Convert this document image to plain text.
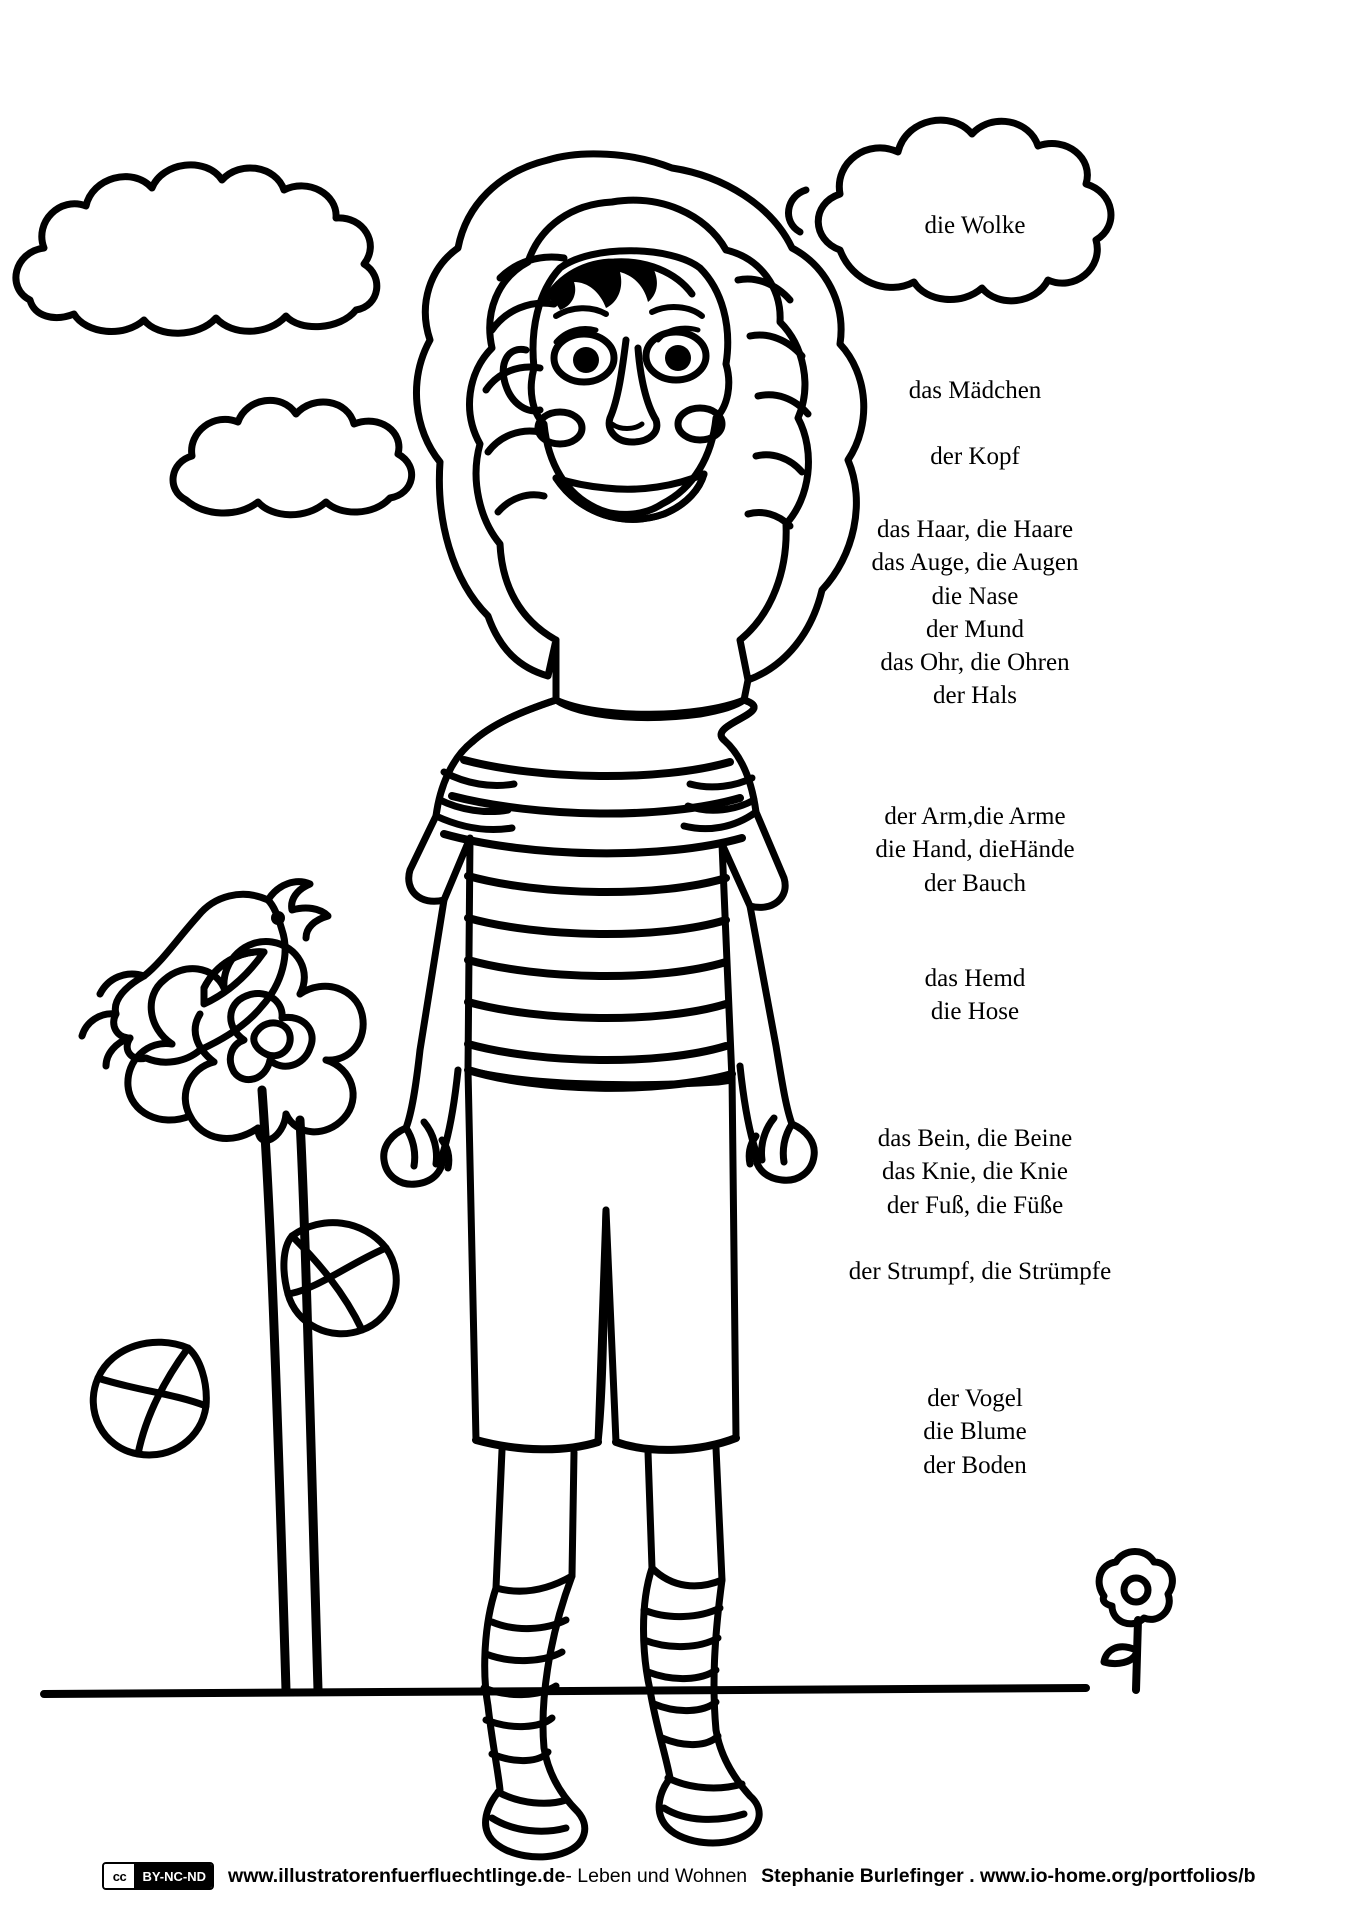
die Wolke
das Mädchen
der Kopf
das Haar, die Haare
das Auge, die Augen
die Nase
der Mund
das Ohr, die Ohren
der Hals
der Arm,die Arme
die Hand, dieHände
der Bauch
das Hemd
die Hose
das Bein, die Beine
das Knie, die Knie
der Fuß, die Füße
der Strumpf, die Strümpfe
der Vogel
die Blume
der Boden
cc	BY-NC-ND	www.illustratorenfuerfluechtlinge.de - Leben und Wohnen Stephanie Burlefinger . www.io-home.org/portfolios/b
